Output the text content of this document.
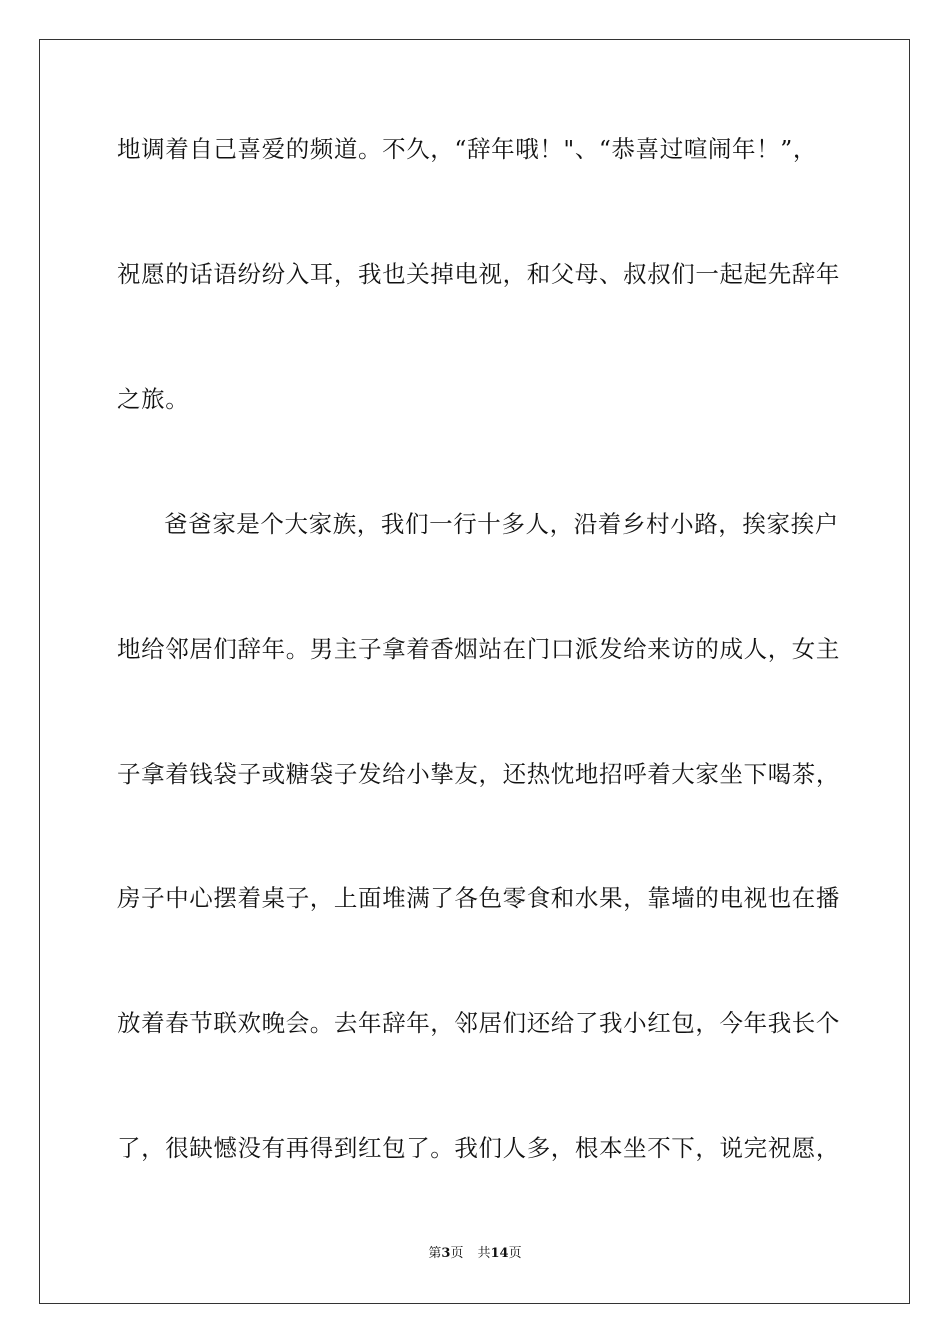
地调着自己喜爱的频道。不久，“辞年哦！"、“恭喜过喧闹年！”，
祝愿的话语纷纷入耳，我也关掉电视，和父母、叔叔们一起起先辞年
之旅。
爸爸家是个大家族，我们一行十多人，沿着乡村小路，挨家挨户
地给邻居们辞年。男主子拿着香烟站在门口派发给来访的成人，女主
子拿着钱袋子或糖袋子发给小挚友，还热忱地招呼着大家坐下喝茶，
房子中心摆着桌子，上面堆满了各色零食和水果，靠墙的电视也在播
放着春节联欢晚会。去年辞年，邻居们还给了我小红包，今年我长个
了，很缺憾没有再得到红包了。我们人多，根本坐不下，说完祝愿，
第3页 共14页
